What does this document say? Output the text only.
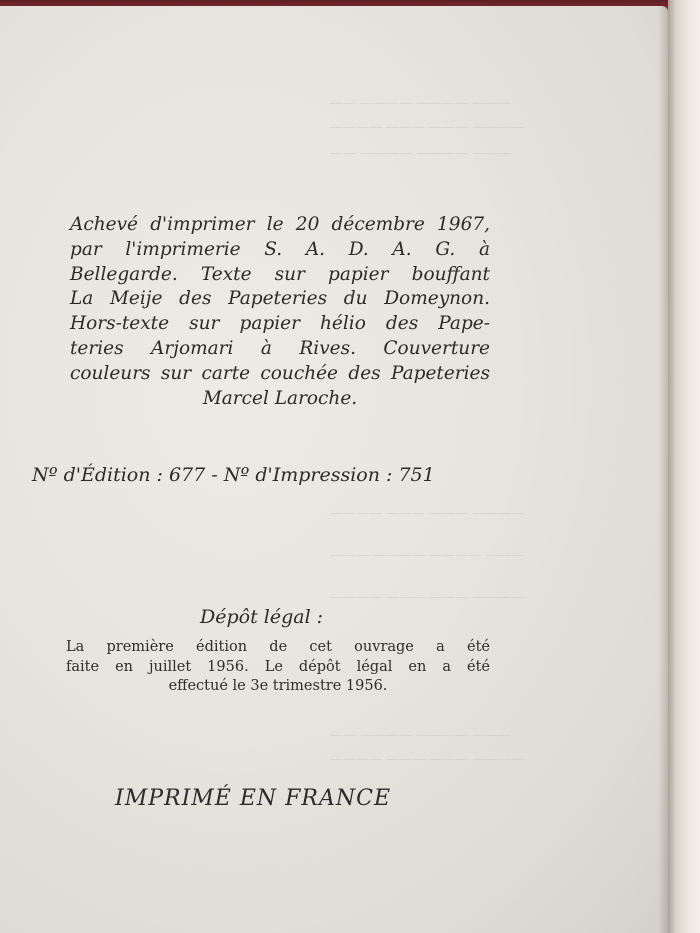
——— ———— ———— ——
———— ——— ——— ————
——— ———— ———— ——
———— ——— ——— ————
——— ———— ———— ———
———— ——— ——— ————
——— ———— ———— ——
———— ——— ——— ————
Achevé d'imprimer le 20 décembre 1967,
par l'imprimerie S. A. D. A. G. à
Bellegarde. Texte sur papier bouffant
La Meije des Papeteries du Domeynon.
Hors-texte sur papier hélio des Pape-
teries Arjomari à Rives. Couverture
couleurs sur carte couchée des Papeteries
Marcel Laroche.
Nº d'Édition : 677 - Nº d'Impression : 751
Dépôt légal :
La première édition de cet ouvrage a été
faite en juillet 1956. Le dépôt légal en a été
effectué le 3e trimestre 1956.
IMPRIMÉ EN FRANCE
